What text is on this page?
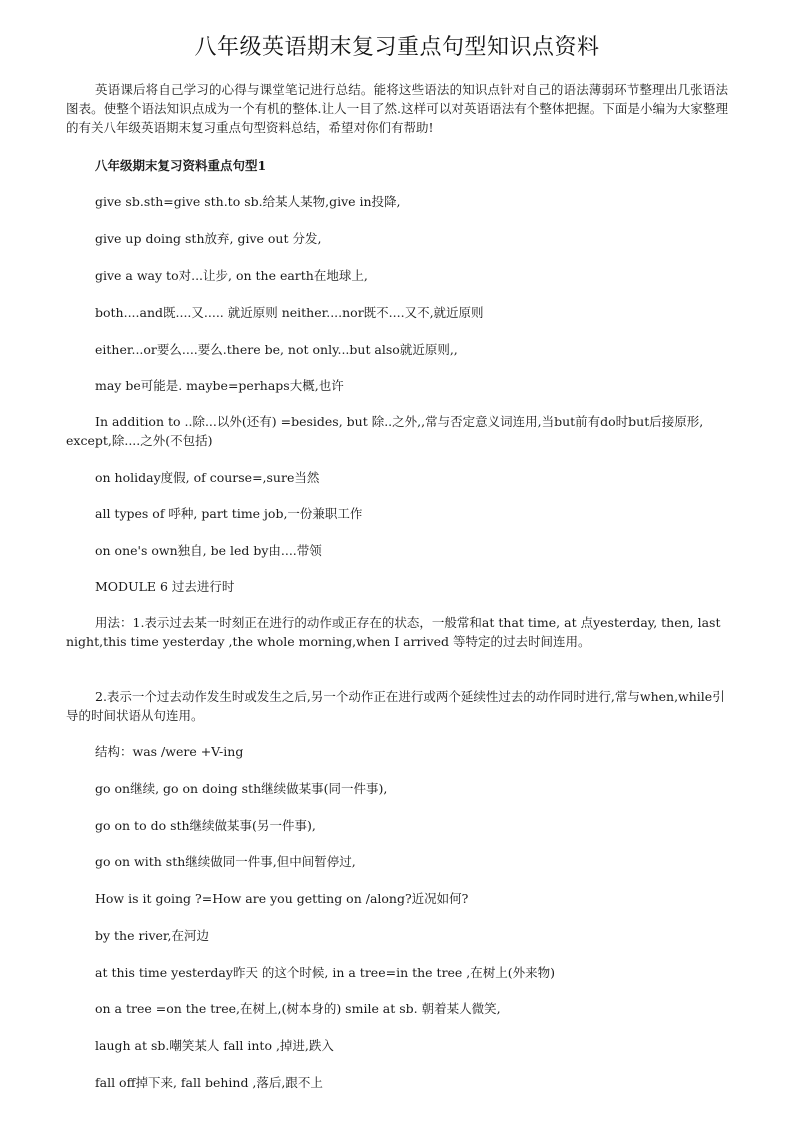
八年级英语期末复习重点句型知识点资料
英语课后将自己学习的心得与课堂笔记进行总结。能将这些语法的知识点针对自己的语法薄弱环节整理出几张语法图表。使整个语法知识点成为一个有机的整体.让人一目了然.这样可以对英语语法有个整体把握。下面是小编为大家整理的有关八年级英语期末复习重点句型资料总结，希望对你们有帮助!
八年级期末复习资料重点句型1
give sb.sth=give sth.to sb.给某人某物,give in投降,
give up doing sth放弃, give out 分发,
give a way to对...让步, on the earth在地球上,
both....and既....又..... 就近原则 neither....nor既不....又不,就近原则
either...or要么....要么.there be, not only...but also就近原则,,
may be可能是. maybe=perhaps大概,也许
In addition to ..除...以外(还有) =besides, but 除..之外,,常与否定意义词连用,当but前有do时but后接原形, except,除....之外(不包括)
on holiday度假, of course=,sure当然
all types of 呼种, part time job,一份兼职工作
on one's own独自, be led by由....带领
MODULE 6 过去进行时
用法：1.表示过去某一时刻正在进行的动作或正存在的状态，一般常和at that time, at 点yesterday, then, last night,this time yesterday ,the whole morning,when I arrived 等特定的过去时间连用。
2.表示一个过去动作发生时或发生之后,另一个动作正在进行或两个延续性过去的动作同时进行,常与when,while引导的时间状语从句连用。
结构：was /were +V-ing
go on继续, go on doing sth继续做某事(同一件事),
go on to do sth继续做某事(另一件事),
go on with sth继续做同一件事,但中间暂停过,
How is it going ?=How are you getting on /along?近况如何?
by the river,在河边
at this time yesterday昨天 的这个时候, in a tree=in the tree ,在树上(外来物)
on a tree =on the tree,在树上,(树本身的) smile at sb. 朝着某人微笑,
laugh at sb.嘲笑某人 fall into ,掉进,跌入
fall off掉下来, fall behind ,落后,跟不上
